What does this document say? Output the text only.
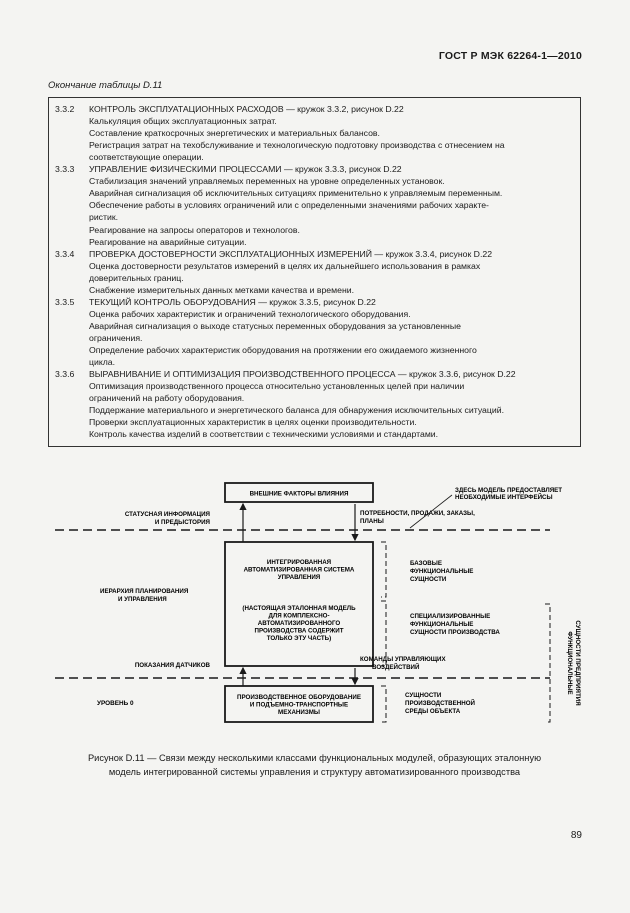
ГОСТ Р МЭК 62264-1—2010
Окончание таблицы D.11
3.3.2	КОНТРОЛЬ ЭКСПЛУАТАЦИОННЫХ РАСХОДОВ — кружок 3.3.2, рисунок D.22
Калькуляция общих эксплуатационных затрат.
Составление краткосрочных энергетических и материальных балансов.
Регистрация затрат на техобслуживание и технологическую подготовку производства с отнесением на
соответствующие операции.
3.3.3	УПРАВЛЕНИЕ ФИЗИЧЕСКИМИ ПРОЦЕССАМИ — кружок 3.3.3, рисунок D.22
Стабилизация значений управляемых переменных на уровне определенных установок.
Аварийная сигнализация об исключительных ситуациях применительно к управляемым переменным.
Обеспечение работы в условиях ограничений или с определенными значениями рабочих характе-
ристик.
Реагирование на запросы операторов и технологов.
Реагирование на аварийные ситуации.
3.3.4	ПРОВЕРКА ДОСТОВЕРНОСТИ ЭКСПЛУАТАЦИОННЫХ ИЗМЕРЕНИЙ — кружок 3.3.4, рисунок D.22
Оценка достоверности результатов измерений в целях их дальнейшего использования в рамках
доверительных границ.
Снабжение измерительных данных метками качества и времени.
3.3.5	ТЕКУЩИЙ КОНТРОЛЬ ОБОРУДОВАНИЯ — кружок 3.3.5, рисунок D.22
Оценка рабочих характеристик и ограничений технологического оборудования.
Аварийная сигнализация о выходе статусных переменных оборудования за установленные
ограничения.
Определение рабочих характеристик оборудования на протяжении его ожидаемого жизненного
цикла.
3.3.6	ВЫРАВНИВАНИЕ И ОПТИМИЗАЦИЯ ПРОИЗВОДСТВЕННОГО ПРОЦЕССА — кружок 3.3.6, рисунок D.22
Оптимизация производственного процесса относительно установленных целей при наличии
ограничений на работу оборудования.
Поддержание материального и энергетического баланса для обнаружения исключительных ситуаций.
Проверки эксплуатационных характеристик в целях оценки производительности.
Контроль качества изделий в соответствии с техническими условиями и стандартами.
ВНЕШНИЕ ФАКТОРЫ ВЛИЯНИЯ
ИНТЕГРИРОВАННАЯ
АВТОМАТИЗИРОВАННАЯ СИСТЕМА
УПРАВЛЕНИЯ
(НАСТОЯЩАЯ ЭТАЛОННАЯ МОДЕЛЬ
ДЛЯ КОМПЛЕКСНО-
АВТОМАТИЗИРОВАННОГО
ПРОИЗВОДСТВА СОДЕРЖИТ
ТОЛЬКО ЭТУ ЧАСТЬ)
ПРОИЗВОДСТВЕННОЕ ОБОРУДОВАНИЕ
И ПОДЪЕМНО-ТРАНСПОРТНЫЕ
МЕХАНИЗМЫ
СТАТУСНАЯ ИНФОРМАЦИЯ
И ПРЕДЫСТОРИЯ
ПОТРЕБНОСТИ, ПРОДАЖИ, ЗАКАЗЫ,
ПЛАНЫ
ЗДЕСЬ МОДЕЛЬ ПРЕДОСТАВЛЯЕТ
НЕОБХОДИМЫЕ ИНТЕРФЕЙСЫ
ИЕРАРХИЯ ПЛАНИРОВАНИЯ
И УПРАВЛЕНИЯ
БАЗОВЫЕ
ФУНКЦИОНАЛЬНЫЕ
СУЩНОСТИ
СПЕЦИАЛИЗИРОВАННЫЕ
ФУНКЦИОНАЛЬНЫЕ
СУЩНОСТИ ПРОИЗВОДСТВА
ПОКАЗАНИЯ ДАТЧИКОВ
КОМАНДЫ УПРАВЛЯЮЩИХ
ВОЗДЕЙСТВИЙ
УРОВЕНЬ 0
СУЩНОСТИ
ПРОИЗВОДСТВЕННОЙ
СРЕДЫ ОБЪЕКТА
ФУНКЦИОНАЛЬНЫЕ СУЩНОСТИ ПРЕДПРИЯТИЯ
Рисунок D.11 — Связи между несколькими классами функциональных модулей, образующих эталонную
модель интегрированной системы управления и структуру автоматизированного производства
89
